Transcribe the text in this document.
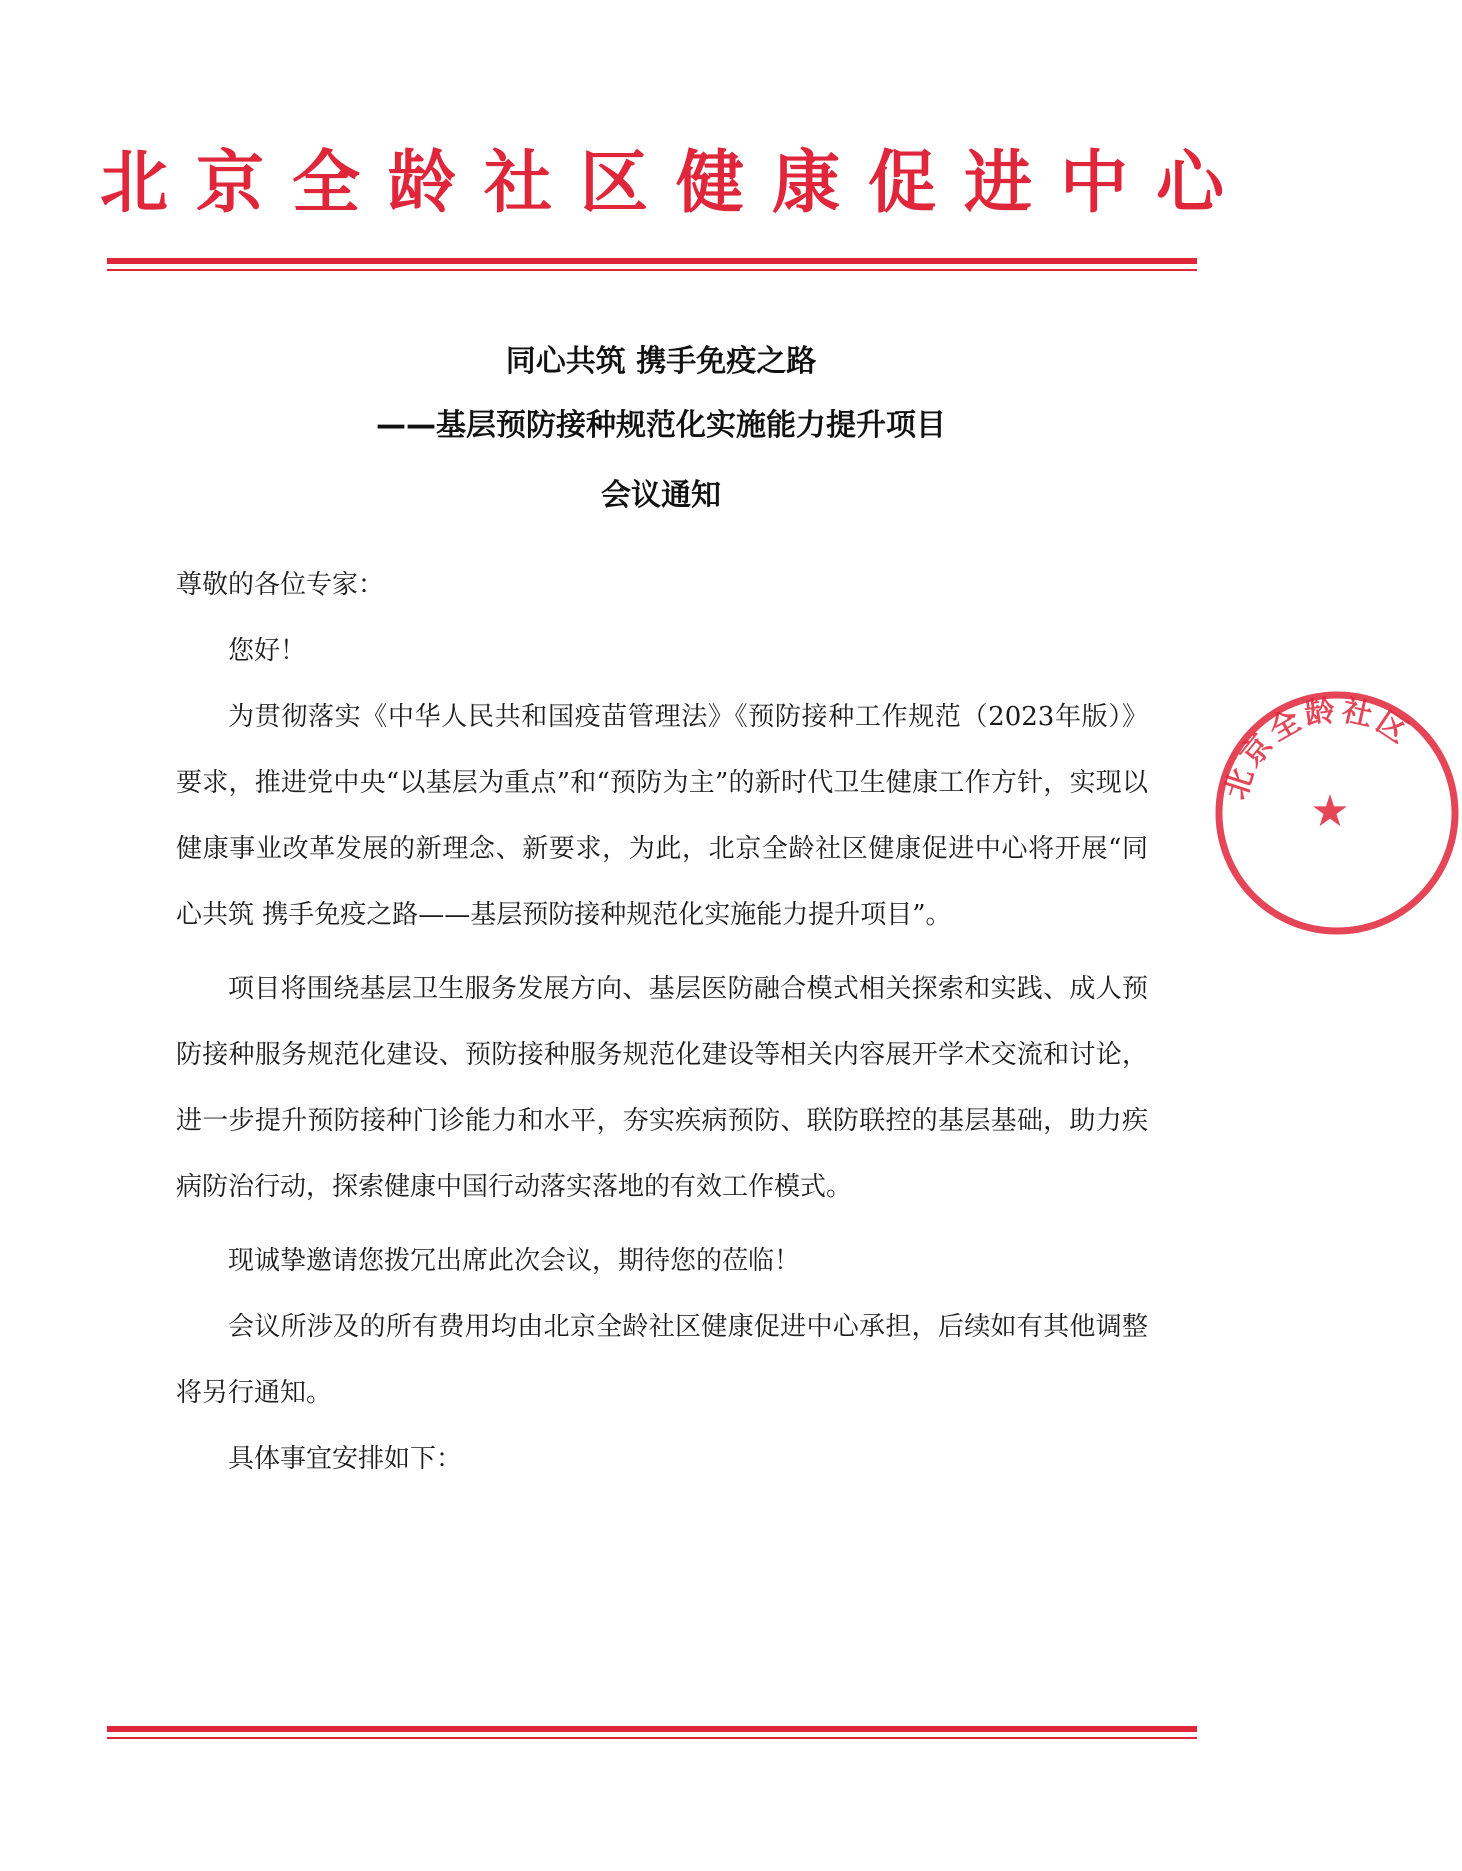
北京全龄社区健康促进中心
同心共筑 携手免疫之路
——基层预防接种规范化实施能力提升项目
会议通知

尊敬的各位专家：

您好！

为贯彻落实《中华人民共和国疫苗管理法》《预防接种工作规范（2023年版）》要求，推进党中央“以基层为重点”和“预防为主”的新时代卫生健康工作方针，实现以健康事业改革发展的新理念、新要求，为此，北京全龄社区健康促进中心将开展“同心共筑 携手免疫之路——基层预防接种规范化实施能力提升项目”。

项目将围绕基层卫生服务发展方向、基层医防融合模式相关探索和实践、成人预防接种服务规范化建设、预防接种服务规范化建设等相关内容展开学术交流和讨论，进一步提升预防接种门诊能力和水平，夯实疾病预防、联防联控的基层基础，助力疾病防治行动，探索健康中国行动落实落地的有效工作模式。

现诚挚邀请您拨冗出席此次会议，期待您的莅临！

会议所涉及的所有费用均由北京全龄社区健康促进中心承担，后续如有其他调整将另行通知。

具体事宜安排如下：

北京全龄社区
★
